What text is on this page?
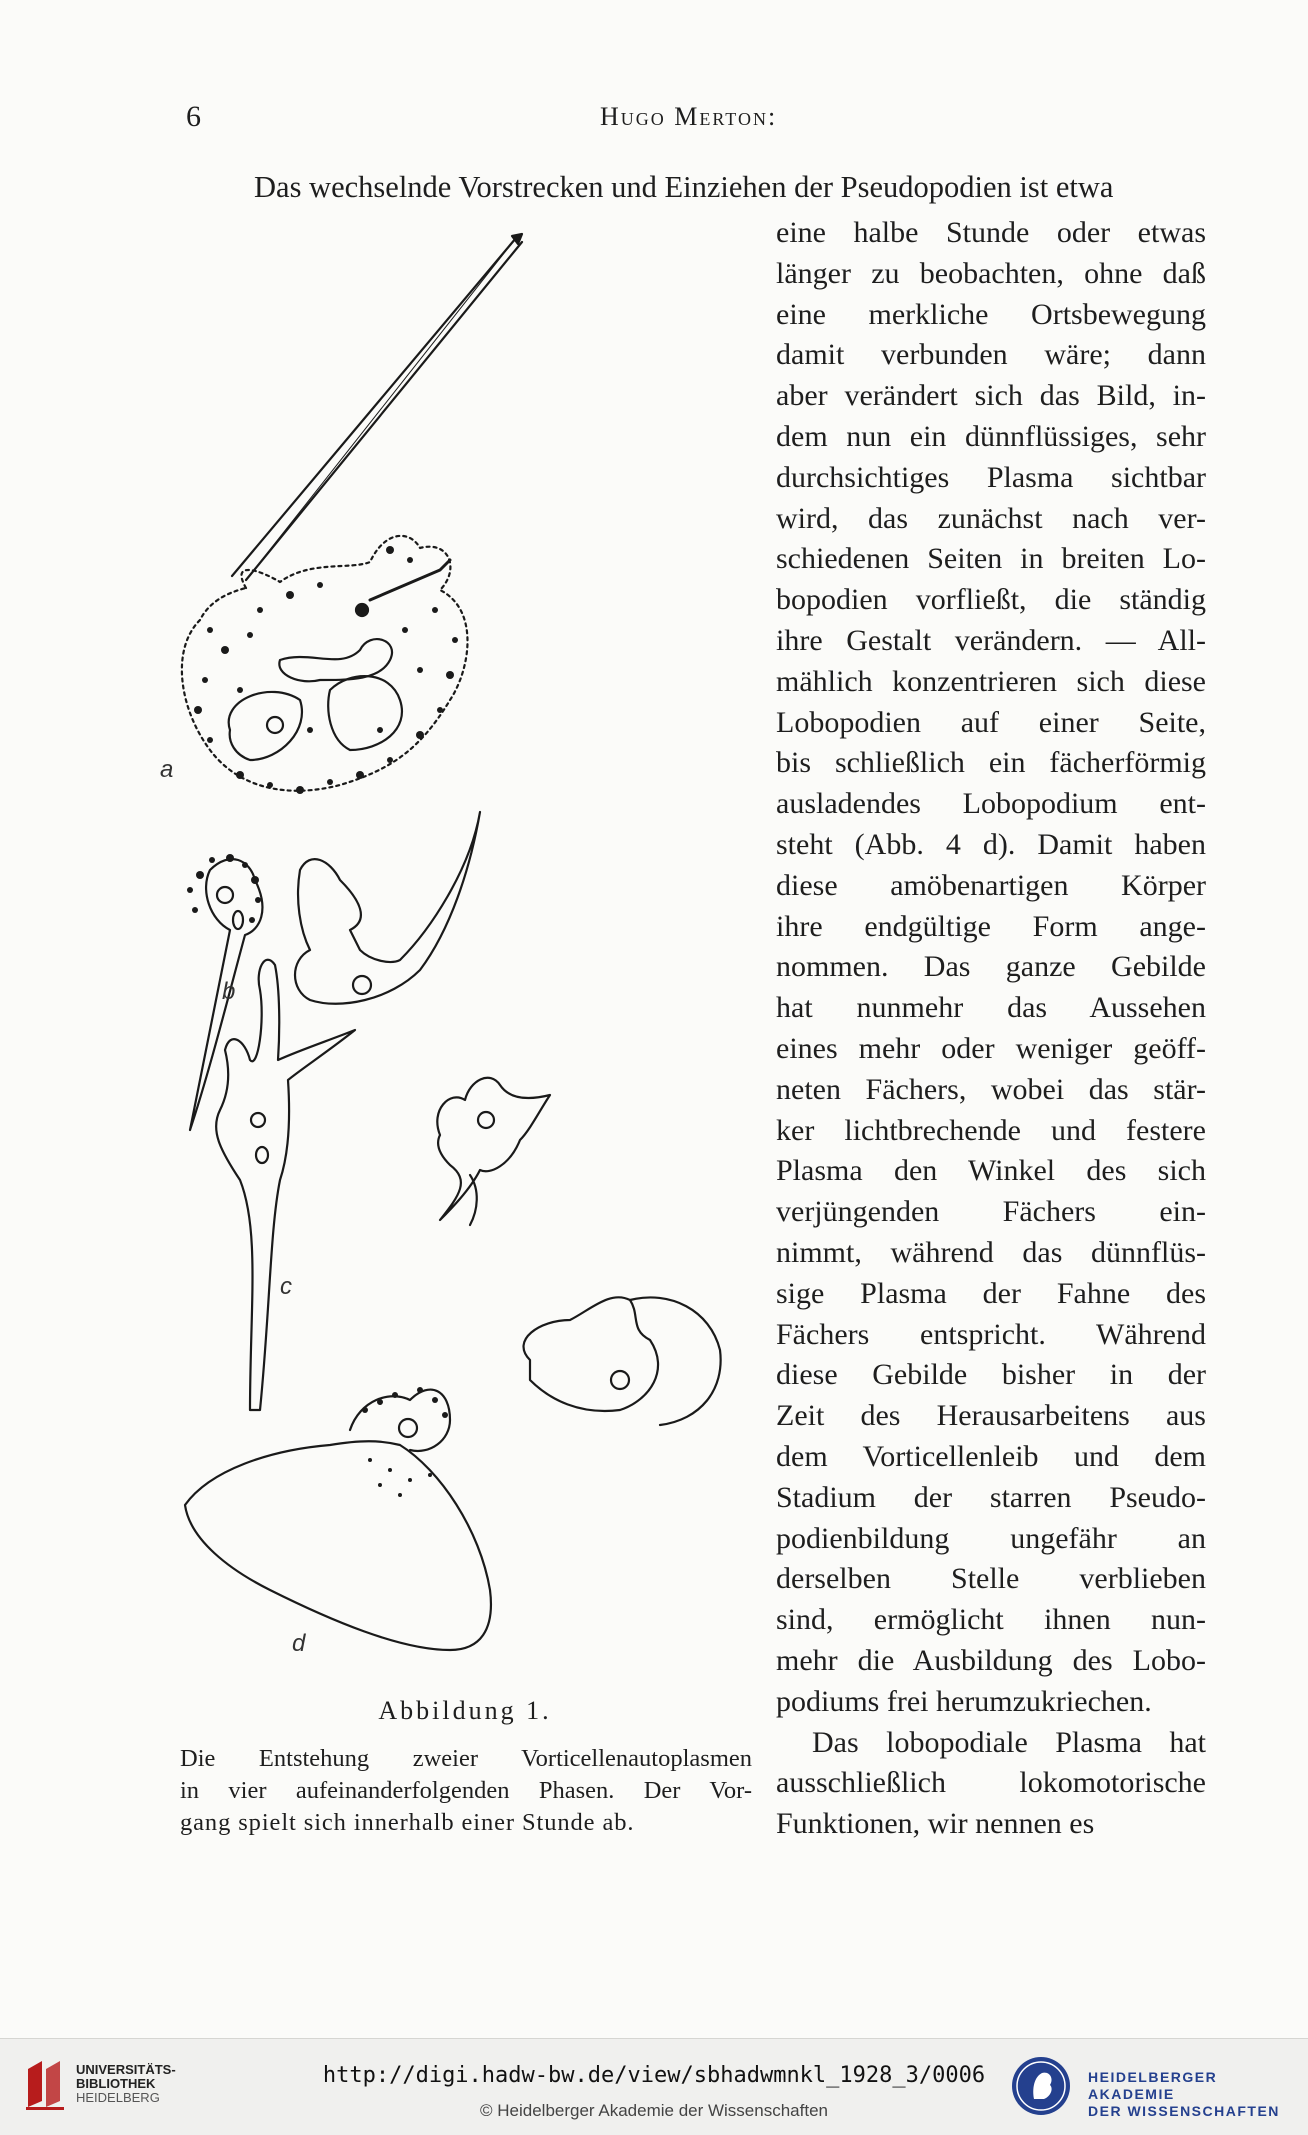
6	Hugo Merton:
Das wechselnde Vorstrecken und Einziehen der Pseudopodien ist etwa
eine halbe Stunde oder etwas
länger zu beobachten, ohne daß
eine merkliche Ortsbewegung
damit verbunden wäre; dann
aber verändert sich das Bild, in-
dem nun ein dünnflüssiges, sehr
durchsichtiges Plasma sichtbar
wird, das zunächst nach ver-
schiedenen Seiten in breiten Lo-
bopodien vorfließt, die ständig
ihre Gestalt verändern. — All-
mählich konzentrieren sich diese
Lobopodien auf einer Seite,
bis schließlich ein fächerförmig
ausladendes Lobopodium ent-
steht (Abb. 4 d). Damit haben
diese amöbenartigen Körper
ihre endgültige Form ange-
nommen. Das ganze Gebilde
hat nunmehr das Aussehen
eines mehr oder weniger geöff-
neten Fächers, wobei das stär-
ker lichtbrechende und festere
Plasma den Winkel des sich
verjüngenden Fächers ein-
nimmt, während das dünnflüs-
sige Plasma der Fahne des
Fächers entspricht. Während
diese Gebilde bisher in der
Zeit des Herausarbeitens aus
dem Vorticellenleib und dem
Stadium der starren Pseudo-
podienbildung ungefähr an
derselben Stelle verblieben
sind, ermöglicht ihnen nun-
mehr die Ausbildung des Lobo-
podiums frei herumzukriechen.
Das lobopodiale Plasma hat
ausschließlich lokomotorische
Funktionen, wir nennen es
a
b
c
d
Abbildung 1.
Die Entstehung zweier Vorticellenautoplasmen
in vier aufeinanderfolgenden Phasen. Der Vor-
gang spielt sich innerhalb einer Stunde ab.
UNIVERSITÄTS-
BIBLIOTHEK
HEIDELBERG
http://digi.hadw-bw.de/view/sbhadwmnkl_1928_3/0006
© Heidelberger Akademie der Wissenschaften
HEIDELBERGER AKADEMIE
DER WISSENSCHAFTEN
